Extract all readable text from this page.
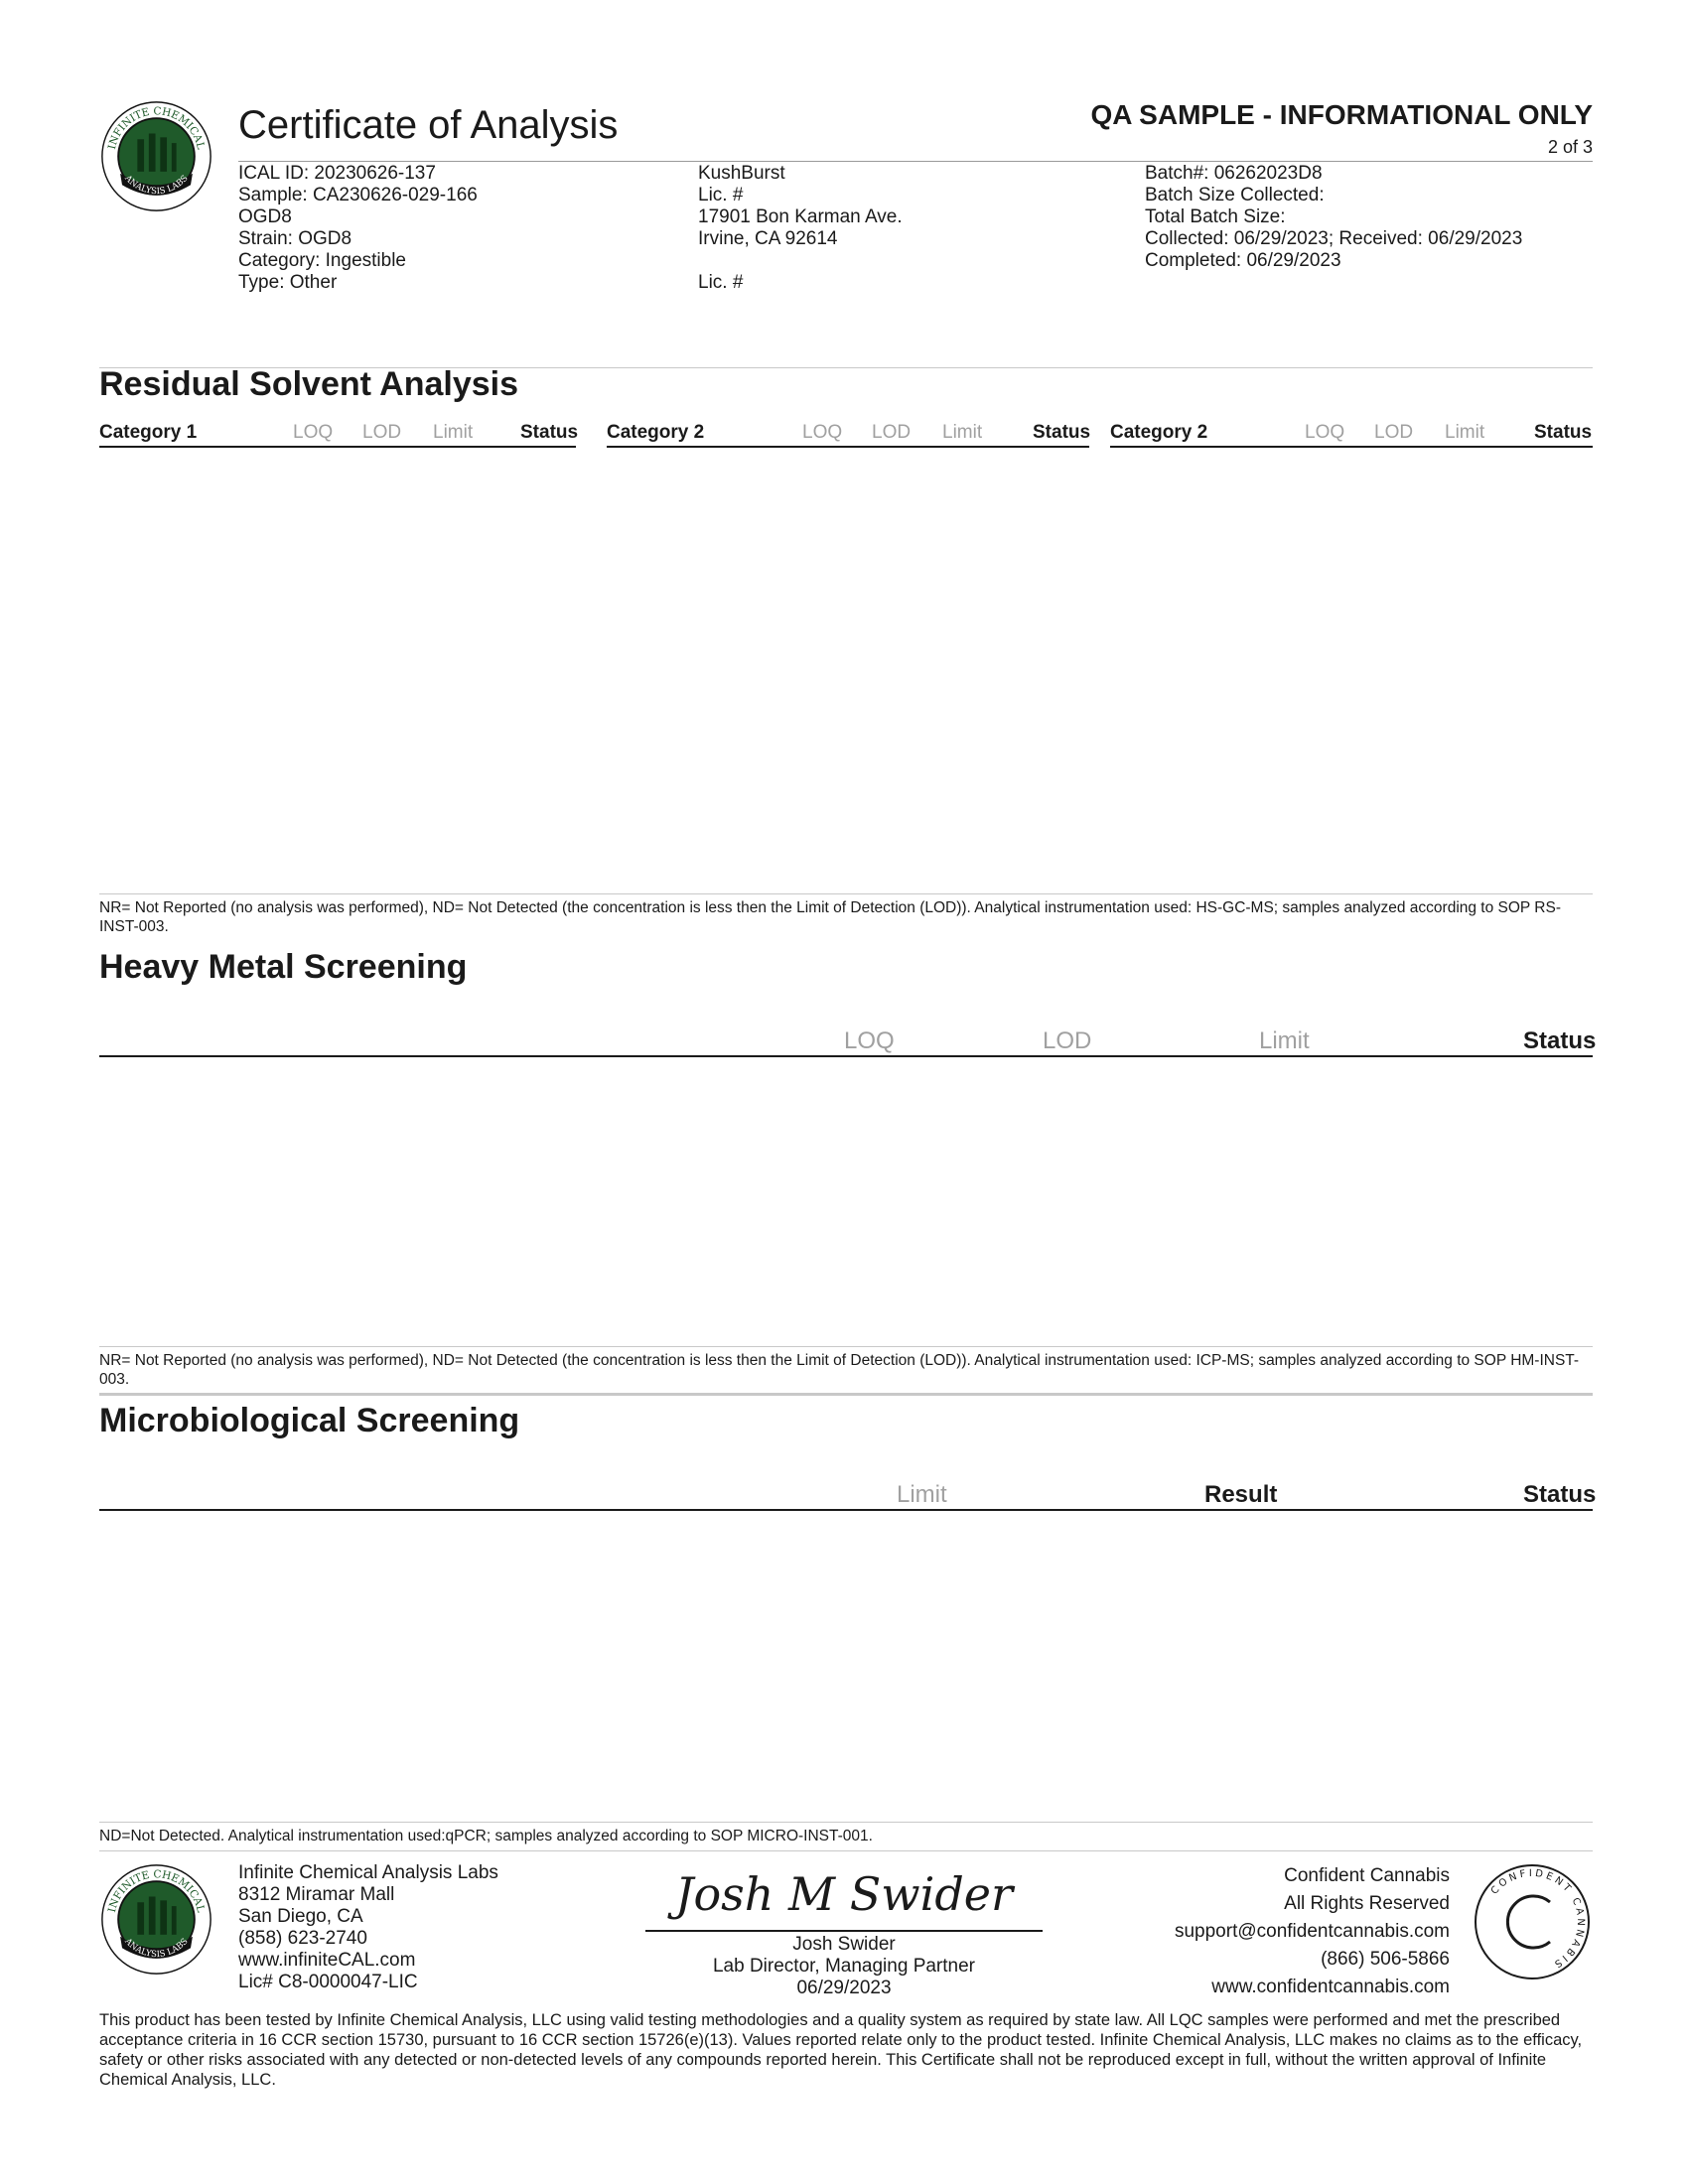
INFINITE CHEMICAL
ANALYSIS LABS
Certificate of Analysis	QA SAMPLE - INFORMATIONAL ONLY
2 of 3
ICAL ID: 20230626-137
Sample: CA230626-029-166
OGD8
Strain: OGD8
Category: Ingestible
Type: Other
KushBurst
Lic. #
17901 Bon Karman Ave.
Irvine, CA 92614
Lic. #
Batch#: 06262023D8
Batch Size Collected:
Total Batch Size:
Collected: 06/29/2023; Received: 06/29/2023
Completed: 06/29/2023
Residual Solvent Analysis
Category 1	LOQ LOD Limit	Status Category 2	LOQ LOD Limit	Status Category 2	LOQ LOD Limit	Status
NR= Not Reported (no analysis was performed), ND= Not Detected (the concentration is less then the Limit of Detection (LOD)). Analytical instrumentation used: HS-GC-MS; samples analyzed according to SOP RS-INST-003.
Heavy Metal Screening
LOQ	LOD	Limit	Status
NR= Not Reported (no analysis was performed), ND= Not Detected (the concentration is less then the Limit of Detection (LOD)). Analytical instrumentation used: ICP-MS; samples analyzed according to SOP HM-INST-003.
Microbiological Screening
Limit	Result	Status
ND=Not Detected. Analytical instrumentation used:qPCR; samples analyzed according to SOP MICRO-INST-001.
INFINITE CHEMICAL
ANALYSIS LABS
Infinite Chemical Analysis Labs
8312 Miramar Mall
San Diego, CA
(858) 623-2740
www.infiniteCAL.com
Lic# C8-0000047-LIC
Josh M Swider
Josh Swider
Lab Director, Managing Partner
06/29/2023
Confident Cannabis
All Rights Reserved
support@confidentcannabis.com
(866) 506-5866
www.confidentcannabis.com
CONFIDENT CANNABIS
This product has been tested by Infinite Chemical Analysis, LLC using valid testing methodologies and a quality system as required by state law. All LQC samples were performed and met the prescribed acceptance criteria in 16 CCR section 15730, pursuant to 16 CCR section 15726(e)(13). Values reported relate only to the product tested. Infinite Chemical Analysis, LLC makes no claims as to the efficacy, safety or other risks associated with any detected or non-detected levels of any compounds reported herein. This Certificate shall not be reproduced except in full, without the written approval of Infinite Chemical Analysis, LLC.
